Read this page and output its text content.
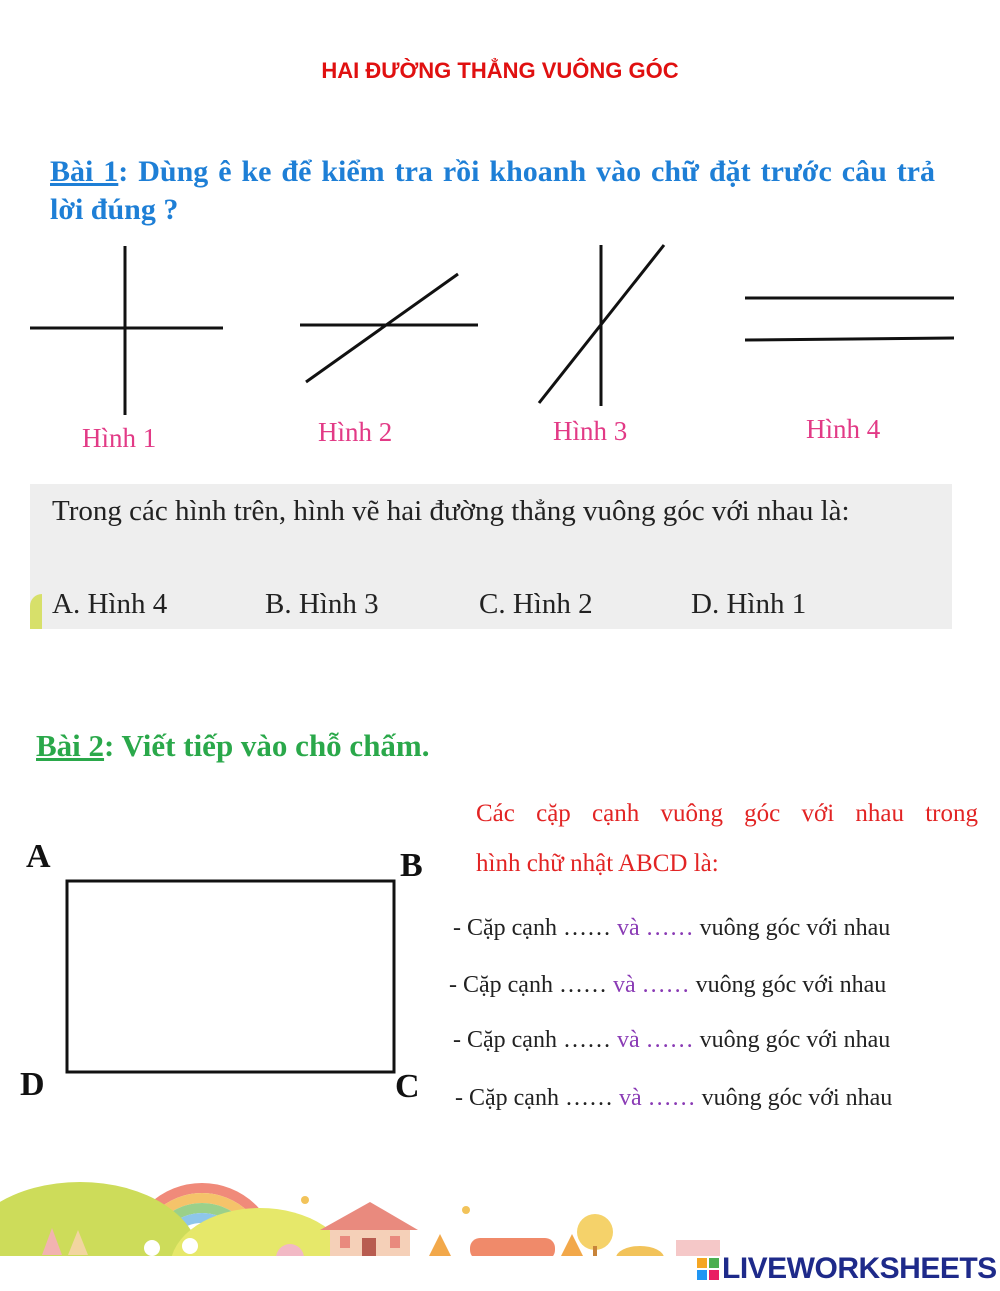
HAI ĐƯỜNG THẲNG VUÔNG GÓC
Bài 1: Dùng ê ke để kiểm tra rồi khoanh vào chữ đặt trước câu trả lời đúng ?
Hình 1	Hình 2	Hình 3	Hình 4
Trong các hình trên, hình vẽ hai đường thẳng vuông góc với nhau là:
A. Hình 4	B. Hình 3	C. Hình 2	D. Hình 1
Bài 2: Viết tiếp vào chỗ chấm.
Các cặp cạnh vuông góc với nhau trong
hình chữ nhật ABCD là:
A	B
C
D
- Cặp cạnh …… và …… vuông góc với nhau
- Cặp cạnh …… và …… vuông góc với nhau
- Cặp cạnh …… và …… vuông góc với nhau
- Cặp cạnh …… và …… vuông góc với nhau
LIVEWORKSHEETS
